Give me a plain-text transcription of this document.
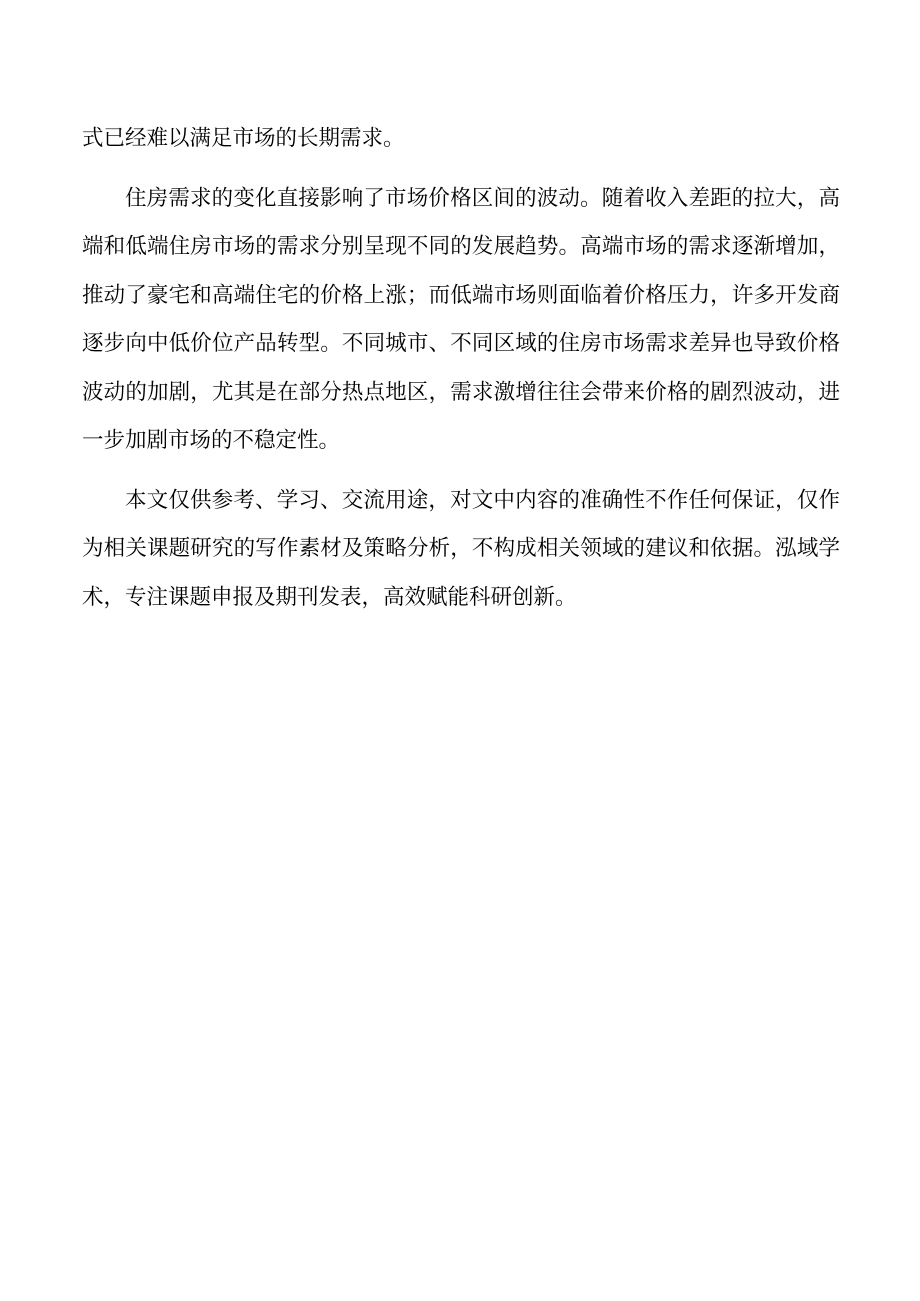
式已经难以满足市场的长期需求。

住房需求的变化直接影响了市场价格区间的波动。随着收入差距的拉大，高端和低端住房市场的需求分别呈现不同的发展趋势。高端市场的需求逐渐增加，推动了豪宅和高端住宅的价格上涨；而低端市场则面临着价格压力，许多开发商逐步向中低价位产品转型。不同城市、不同区域的住房市场需求差异也导致价格波动的加剧，尤其是在部分热点地区，需求激增往往会带来价格的剧烈波动，进一步加剧市场的不稳定性。

本文仅供参考、学习、交流用途，对文中内容的准确性不作任何保证，仅作为相关课题研究的写作素材及策略分析，不构成相关领域的建议和依据。泓域学术，专注课题申报及期刊发表，高效赋能科研创新。
